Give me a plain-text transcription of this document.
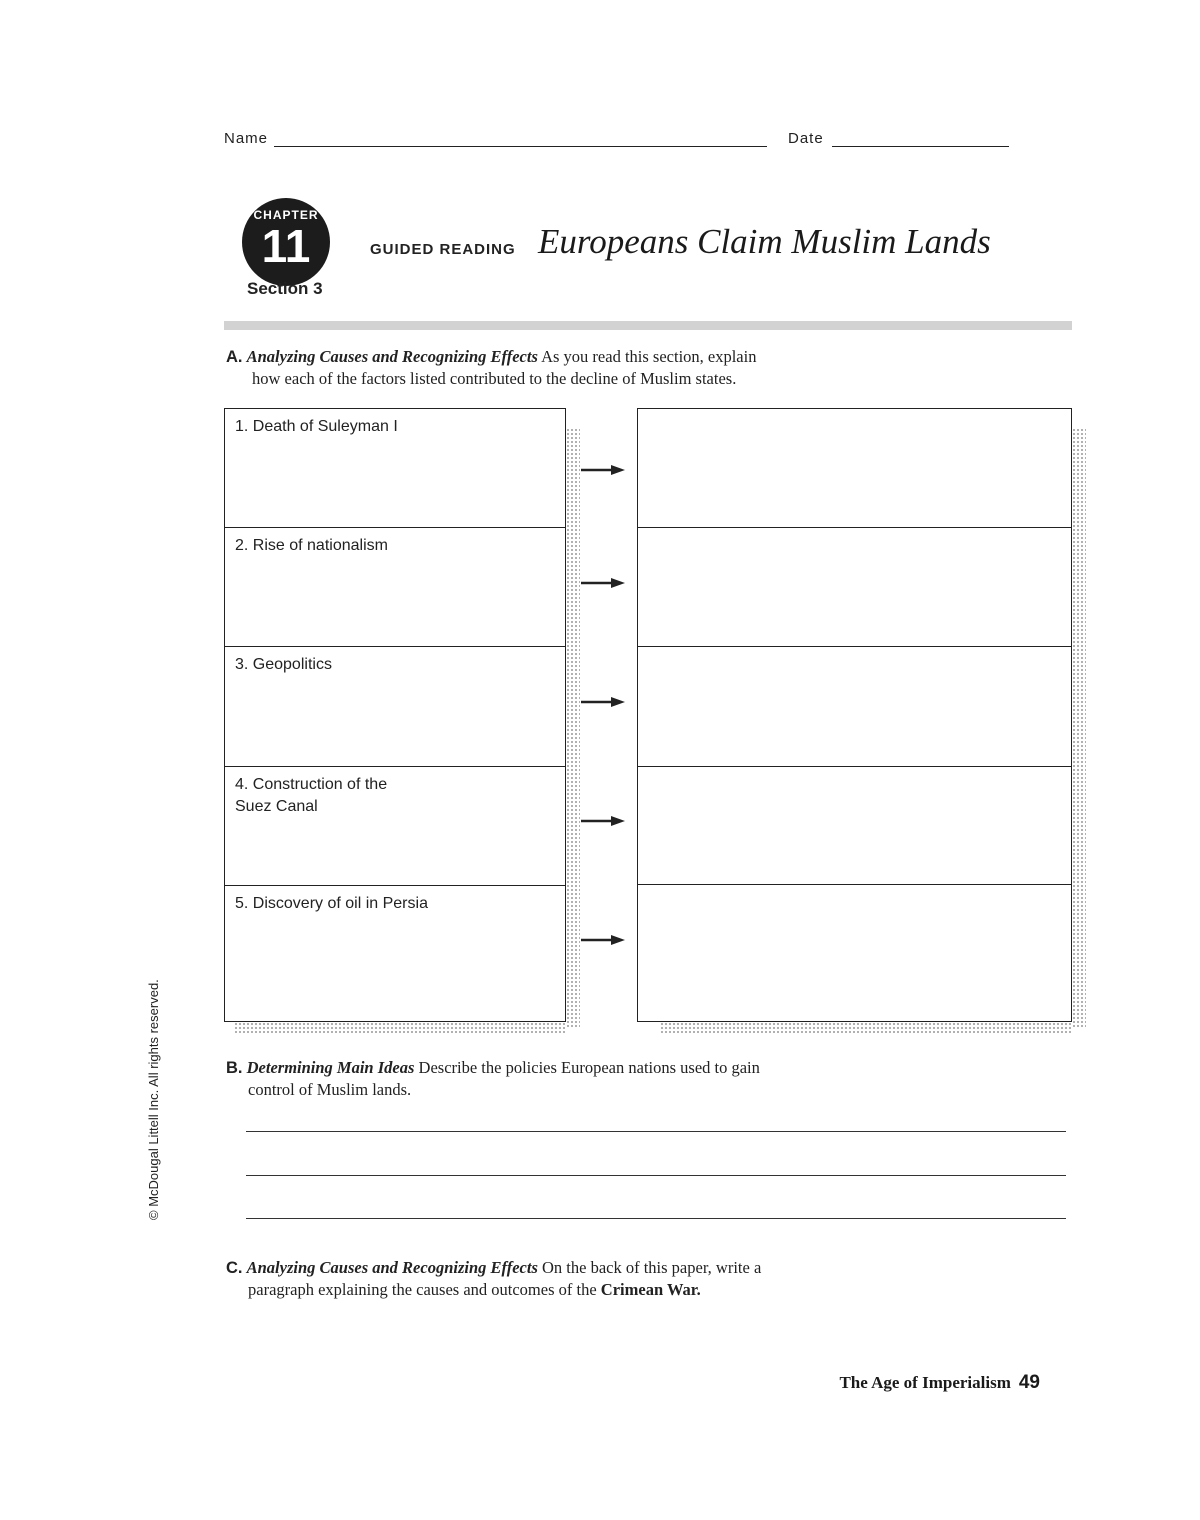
Name	Date
CHAPTER
11
Section 3
GUIDED READING Europeans Claim Muslim Lands
A. Analyzing Causes and Recognizing Effects As you read this section, explain
how each of the factors listed contributed to the decline of Muslim states.
1. Death of Suleyman I
2. Rise of nationalism
3. Geopolitics
4. Construction of the
Suez Canal
5. Discovery of oil in Persia
B. Determining Main Ideas Describe the policies European nations used to gain
control of Muslim lands.
C. Analyzing Causes and Recognizing Effects On the back of this paper, write a
paragraph explaining the causes and outcomes of the Crimean War.
© McDougal Littell Inc. All rights reserved.
The Age of Imperialism 49
